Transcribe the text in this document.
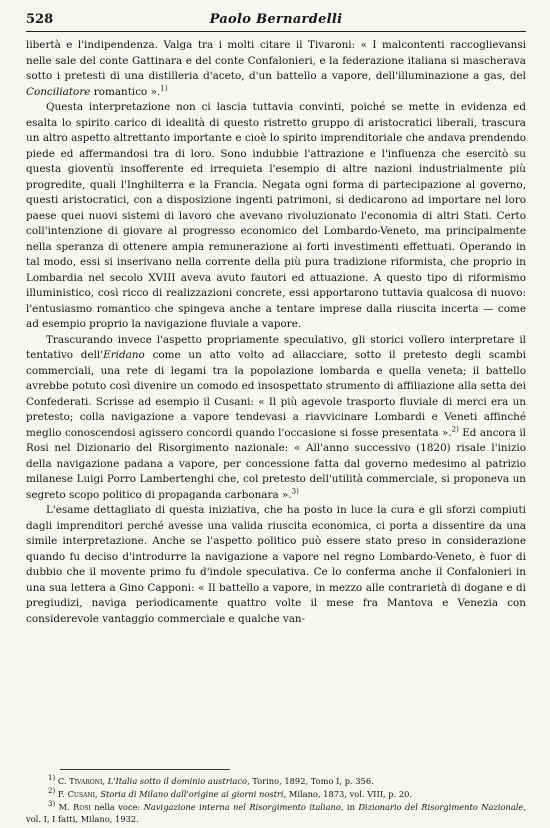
528	Paolo Bernardelli

libertà e l'indipendenza. Valga tra i molti citare il Tivaroni: « I malcontenti raccoglievansi nelle sale del conte Gattinara e del conte Confalonieri, e la federazione italiana si mascherava sotto i pretesti di una distilleria d'aceto, d'un battello a vapore, dell'illuminazione a gas, del Conciliatore romantico ».$^{1)}$

Questa interpretazione non ci lascia tuttavia convinti, poiché se mette in evidenza ed esalta lo spirito carico di idealità di questo ristretto gruppo di aristocratici liberali, trascura un altro aspetto altrettanto importante e cioè lo spirito imprenditoriale che andava prendendo piede ed affermandosi tra di loro. Sono indubbie l'attrazione e l'influenza che esercitò su questa gioventù insofferente ed irrequieta l'esempio di altre nazioni industrialmente più progredite, quali l'Inghilterra e la Francia. Negata ogni forma di partecipazione al governo, questi aristocratici, con a disposizione ingenti patrimoni, si dedicarono ad importare nel loro paese quei nuovi sistemi di lavoro che avevano rivoluzionato l'economia di altri Stati. Certo coll'intenzione di giovare al progresso economico del Lombardo-Veneto, ma principalmente nella speranza di ottenere ampia remunerazione ai forti investimenti effettuati. Operando in tal modo, essi si inserivano nella corrente della più pura tradizione riformista, che proprio in Lombardia nel secolo XVIII aveva avuto fautori ed attuazione. A questo tipo di riformismo illuministico, così ricco di realizzazioni concrete, essi apportarono tuttavia qualcosa di nuovo: l'entusiasmo romantico che spingeva anche a tentare imprese dalla riuscita incerta — come ad esempio proprio la navigazione fluviale a vapore.

Trascurando invece l'aspetto propriamente speculativo, gli storici vollero interpretare il tentativo dell'Eridano come un atto volto ad allacciare, sotto il pretesto degli scambi commerciali, una rete di legami tra la popolazione lombarda e quella veneta; il battello avrebbe potuto così divenire un comodo ed insospettato strumento di affiliazione alla setta dei Confederati. Scrisse ad esempio il Cusani: « Il più agevole trasporto fluviale di merci era un pretesto; colla navigazione a vapore tendevasi a riavvicinare Lombardi e Veneti affinché meglio conoscendosi agissero concordi quando l'occasione si fosse presentata ».$^{2)}$ Ed ancora il Rosi nel Dizionario del Risorgimento nazionale: « All'anno successivo (1820) risale l'inizio della navigazione padana a vapore, per concessione fatta dal governo medesimo al patrizio milanese Luigi Porro Lambertenghi che, col pretesto dell'utilità commerciale, si proponeva un segreto scopo politico di propaganda carbonara ».$^{3)}$

L'esame dettagliato di questa iniziativa, che ha posto in luce la cura e gli sforzi compiuti dagli imprenditori perché avesse una valida riuscita economica, ci porta a dissentire da una simile interpretazione. Anche se l'aspetto politico può essere stato preso in considerazione quando fu deciso d'introdurre la navigazione a vapore nel regno Lombardo-Veneto, è fuor di dubbio che il movente primo fu d'indole speculativa. Ce lo conferma anche il Confalonieri in una sua lettera a Gino Capponi: « Il battello a vapore, in mezzo alle contrarietà di dogane e di pregiudizi, naviga periodicamente quattro volte il mese fra Mantova e Venezia con considerevole vantaggio commerciale e qualche van-

$^{1)}$ C. Tivaroni, L'Italia sotto il dominio austriaco, Torino, 1892, Tomo I, p. 356.

$^{2)}$ F. Cusani, Storia di Milano dall'origine ai giorni nostri, Milano, 1873, vol. VIII, p. 20.

$^{3)}$ M. Rosi nella voce: Navigazione interna nel Risorgimento italiano, in Dizionario del Risorgimento Nazionale, vol. I, I fatti, Milano, 1932.
